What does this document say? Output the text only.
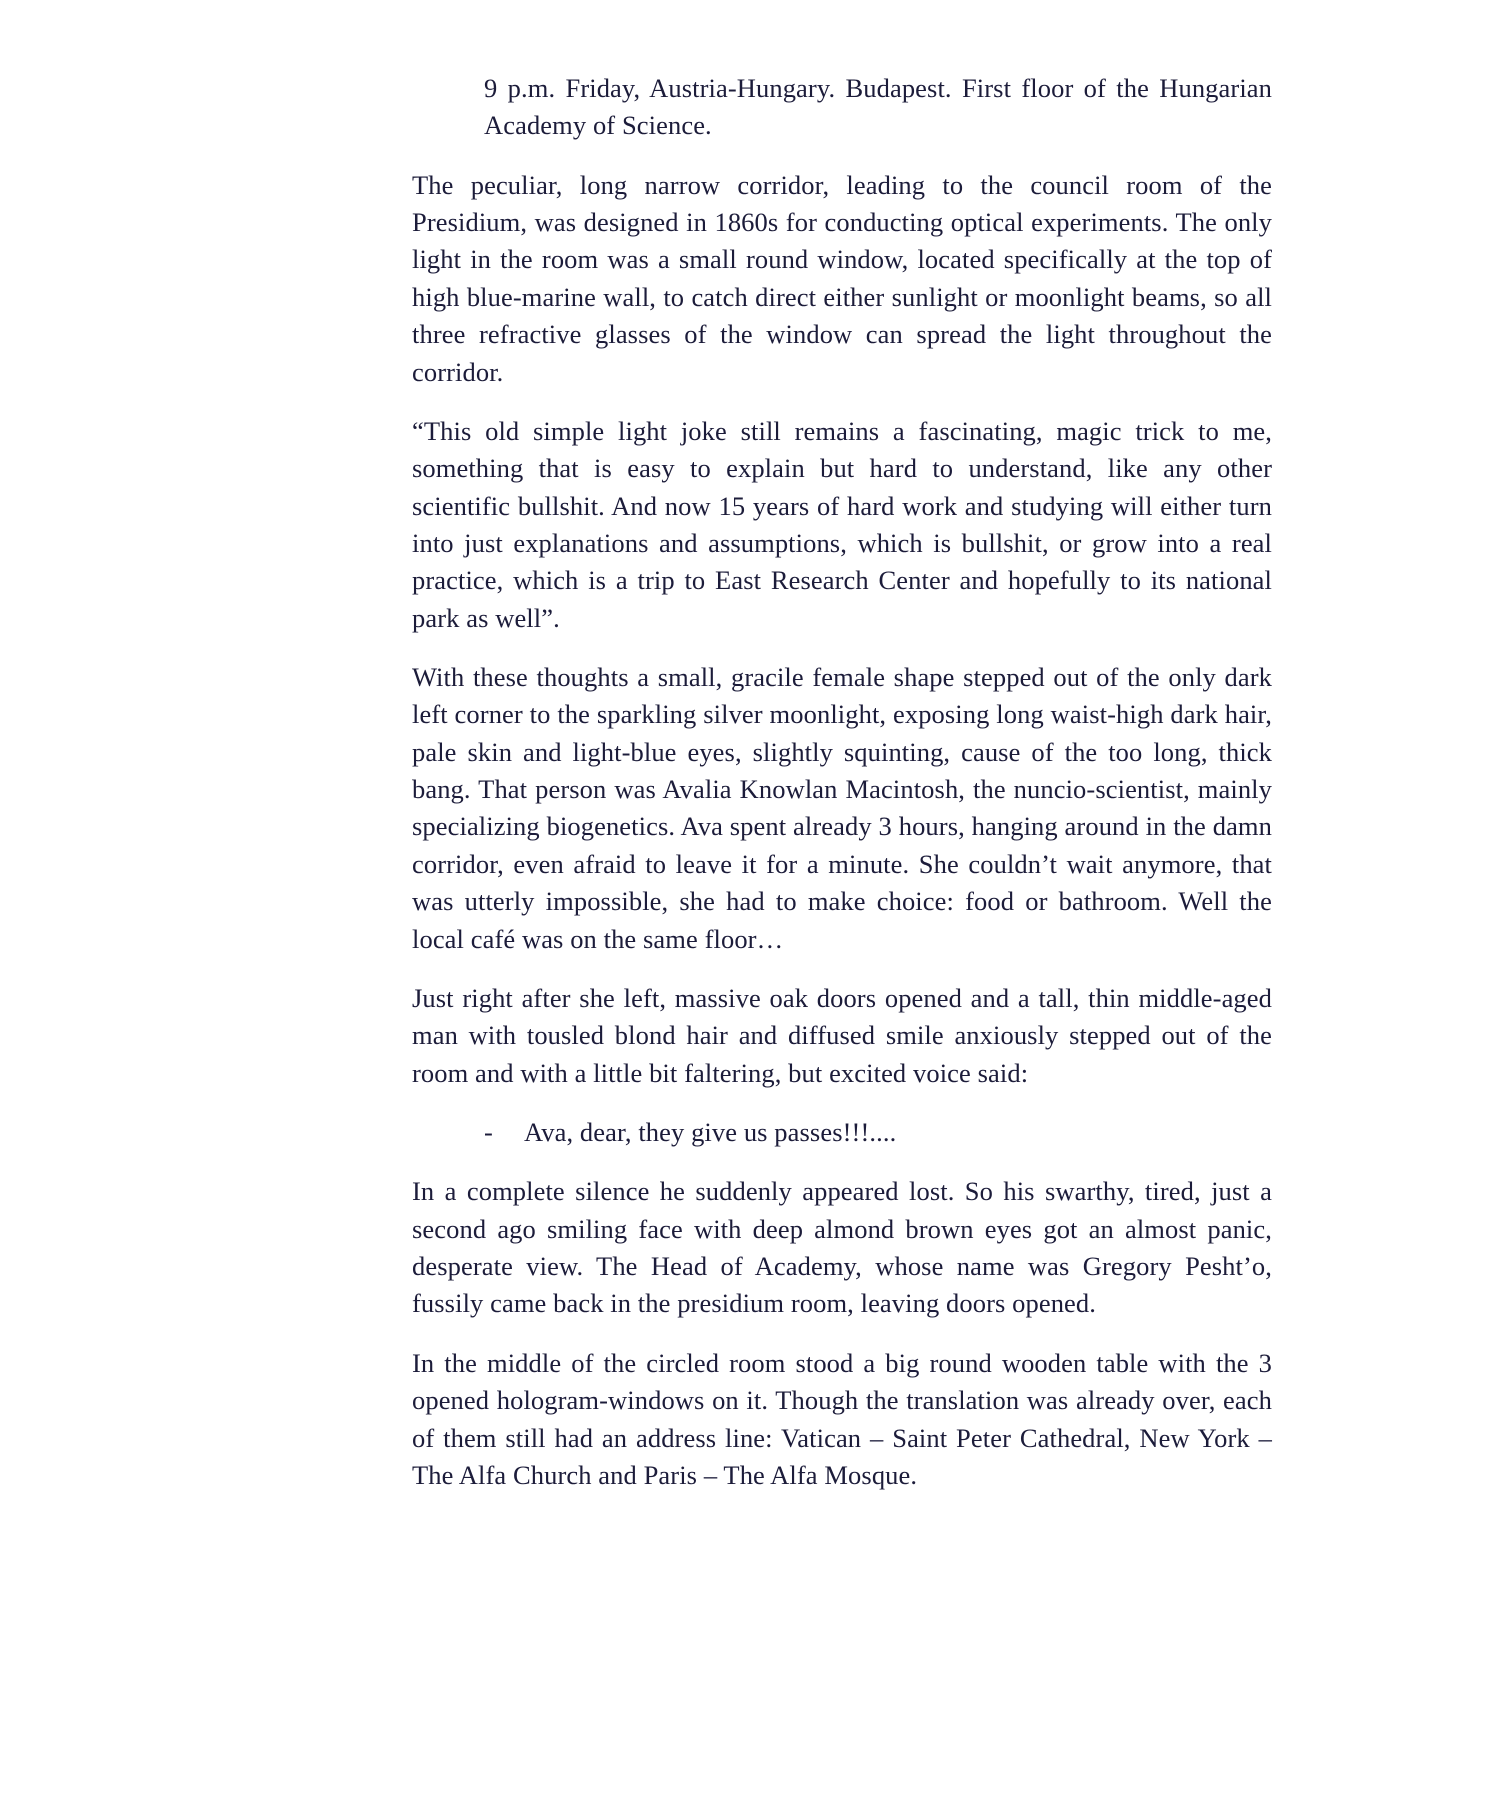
9 p.m. Friday, Austria-Hungary. Budapest. First floor of the Hungarian Academy of Science.

The peculiar, long narrow corridor, leading to the council room of the Presidium, was designed in 1860s for conducting optical experiments. The only light in the room was a small round window, located specifically at the top of high blue-marine wall, to catch direct either sunlight or moonlight beams, so all three refractive glasses of the window can spread the light throughout the corridor.

“This old simple light joke still remains a fascinating, magic trick to me, something that is easy to explain but hard to understand, like any other scientific bullshit. And now 15 years of hard work and studying will either turn into just explanations and assumptions, which is bullshit, or grow into a real practice, which is a trip to East Research Center and hopefully to its national park as well”.

With these thoughts a small, gracile female shape stepped out of the only dark left corner to the sparkling silver moonlight, exposing long waist-high dark hair, pale skin and light-blue eyes, slightly squinting, cause of the too long, thick bang. That person was Avalia Knowlan Macintosh, the nuncio-scientist, mainly specializing biogenetics. Ava spent already 3 hours, hanging around in the damn corridor, even afraid to leave it for a minute. She couldn’t wait anymore, that was utterly impossible, she had to make choice: food or bathroom. Well the local café was on the same floor…

Just right after she left, massive oak doors opened and a tall, thin middle-aged man with tousled blond hair and diffused smile anxiously stepped out of the room and with a little bit faltering, but excited voice said:

- Ava, dear, they give us passes!!!....

In a complete silence he suddenly appeared lost. So his swarthy, tired, just a second ago smiling face with deep almond brown eyes got an almost panic, desperate view. The Head of Academy, whose name was Gregory Pesht’o, fussily came back in the presidium room, leaving doors opened.

In the middle of the circled room stood a big round wooden table with the 3 opened hologram-windows on it. Though the translation was already over, each of them still had an address line: Vatican – Saint Peter Cathedral, New York –The Alfa Church and Paris – The Alfa Mosque.
